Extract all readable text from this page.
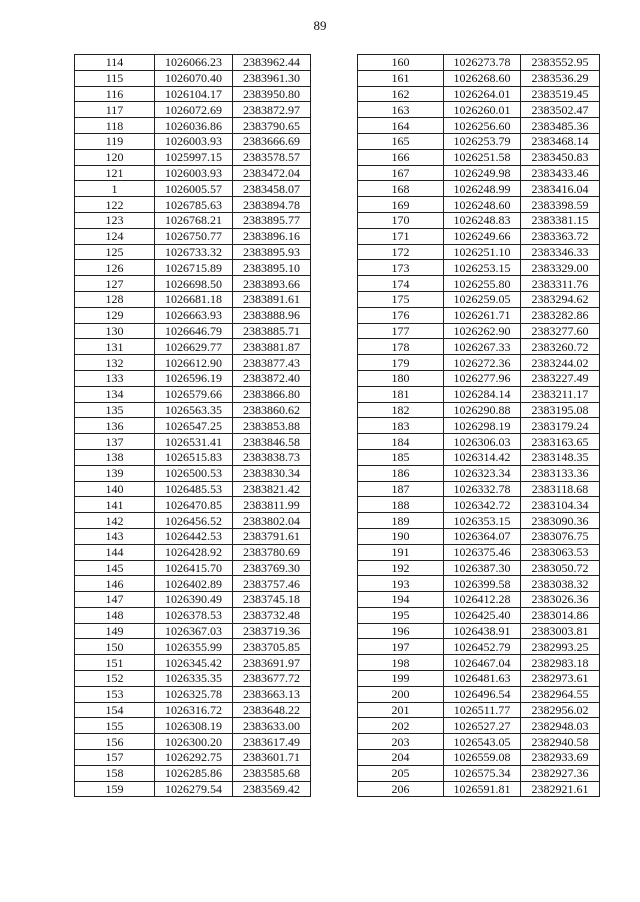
89
114	1026066.23	2383962.44
115	1026070.40	2383961.30
116	1026104.17	2383950.80
117	1026072.69	2383872.97
118	1026036.86	2383790.65
119	1026003.93	2383666.69
120	1025997.15	2383578.57
121	1026003.93	2383472.04
1	1026005.57	2383458.07
122	1026785.63	2383894.78
123	1026768.21	2383895.77
124	1026750.77	2383896.16
125	1026733.32	2383895.93
126	1026715.89	2383895.10
127	1026698.50	2383893.66
128	1026681.18	2383891.61
129	1026663.93	2383888.96
130	1026646.79	2383885.71
131	1026629.77	2383881.87
132	1026612.90	2383877.43
133	1026596.19	2383872.40
134	1026579.66	2383866.80
135	1026563.35	2383860.62
136	1026547.25	2383853.88
137	1026531.41	2383846.58
138	1026515.83	2383838.73
139	1026500.53	2383830.34
140	1026485.53	2383821.42
141	1026470.85	2383811.99
142	1026456.52	2383802.04
143	1026442.53	2383791.61
144	1026428.92	2383780.69
145	1026415.70	2383769.30
146	1026402.89	2383757.46
147	1026390.49	2383745.18
148	1026378.53	2383732.48
149	1026367.03	2383719.36
150	1026355.99	2383705.85
151	1026345.42	2383691.97
152	1026335.35	2383677.72
153	1026325.78	2383663.13
154	1026316.72	2383648.22
155	1026308.19	2383633.00
156	1026300.20	2383617.49
157	1026292.75	2383601.71
158	1026285.86	2383585.68
159	1026279.54	2383569.42
160	1026273.78	2383552.95
161	1026268.60	2383536.29
162	1026264.01	2383519.45
163	1026260.01	2383502.47
164	1026256.60	2383485.36
165	1026253.79	2383468.14
166	1026251.58	2383450.83
167	1026249.98	2383433.46
168	1026248.99	2383416.04
169	1026248.60	2383398.59
170	1026248.83	2383381.15
171	1026249.66	2383363.72
172	1026251.10	2383346.33
173	1026253.15	2383329.00
174	1026255.80	2383311.76
175	1026259.05	2383294.62
176	1026261.71	2383282.86
177	1026262.90	2383277.60
178	1026267.33	2383260.72
179	1026272.36	2383244.02
180	1026277.96	2383227.49
181	1026284.14	2383211.17
182	1026290.88	2383195.08
183	1026298.19	2383179.24
184	1026306.03	2383163.65
185	1026314.42	2383148.35
186	1026323.34	2383133.36
187	1026332.78	2383118.68
188	1026342.72	2383104.34
189	1026353.15	2383090.36
190	1026364.07	2383076.75
191	1026375.46	2383063.53
192	1026387.30	2383050.72
193	1026399.58	2383038.32
194	1026412.28	2383026.36
195	1026425.40	2383014.86
196	1026438.91	2383003.81
197	1026452.79	2382993.25
198	1026467.04	2382983.18
199	1026481.63	2382973.61
200	1026496.54	2382964.55
201	1026511.77	2382956.02
202	1026527.27	2382948.03
203	1026543.05	2382940.58
204	1026559.08	2382933.69
205	1026575.34	2382927.36
206	1026591.81	2382921.61
